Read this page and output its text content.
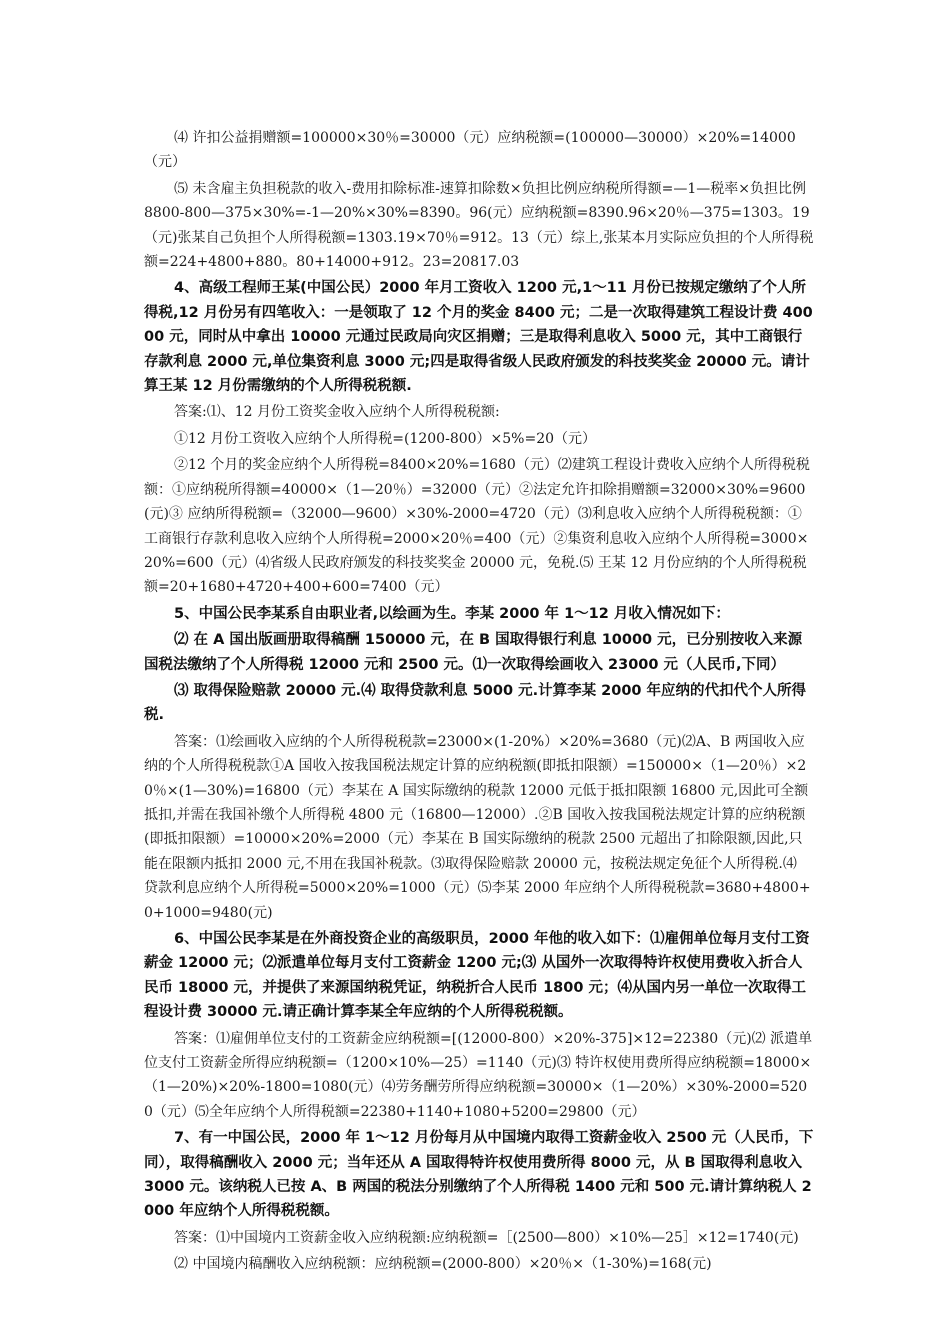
⑷ 许扣公益捐赠额=100000×30％=30000（元）应纳税额=(100000—30000）×20%=14000（元）

⑸ 未含雇主负担税款的收入-费用扣除标准-速算扣除数×负担比例应纳税所得额=—1—税率×负担比例 8800-800—375×30%=-1—20%×30%=8390。96(元）应纳税额=8390.96×20％—375=1303。19（元)张某自己负担个人所得税额=1303.19×70％=912。13（元）综上,张某本月实际应负担的个人所得税额=224+4800+880。80+14000+912。23=20817.03

4、高级工程师王某(中国公民）2000 年月工资收入 1200 元,1～11 月份已按规定缴纳了个人所得税,12 月份另有四笔收入：一是领取了 12 个月的奖金 8400 元；二是一次取得建筑工程设计费 40000 元，同时从中拿出 10000 元通过民政局向灾区捐赠；三是取得利息收入 5000 元，其中工商银行存款利息 2000 元,单位集资利息 3000 元;四是取得省级人民政府颁发的科技奖奖金 20000 元。请计算王某 12 月份需缴纳的个人所得税税额.

答案:⑴、12 月份工资奖金收入应纳个人所得税税额:

①12 月份工资收入应纳个人所得税=(1200-800）×5%=20（元）

②12 个月的奖金应纳个人所得税=8400×20%=1680（元）⑵建筑工程设计费收入应纳个人所得税税额：①应纳税所得额=40000×（1—20％）=32000（元）②法定允许扣除捐赠额=32000×30%=9600(元)③ 应纳所得税额=（32000—9600）×30%-2000=4720（元）⑶利息收入应纳个人所得税税额：①工商银行存款利息收入应纳个人所得税=2000×20％=400（元）②集资利息收入应纳个人所得税=3000×20%=600（元）⑷省级人民政府颁发的科技奖奖金 20000 元，免税.⑸ 王某 12 月份应纳的个人所得税税额=20+1680+4720+400+600=7400（元）

5、中国公民李某系自由职业者,以绘画为生。李某 2000 年 1～12 月收入情况如下：

⑵ 在 A 国出版画册取得稿酬 150000 元，在 B 国取得银行利息 10000 元，已分别按收入来源国税法缴纳了个人所得税 12000 元和 2500 元。⑴一次取得绘画收入 23000 元（人民币,下同）

⑶ 取得保险赔款 20000 元.⑷ 取得贷款利息 5000 元.计算李某 2000 年应纳的代扣代个人所得税.

答案：⑴绘画收入应纳的个人所得税税款=23000×(1-20%）×20%=3680（元)⑵A、B 两国收入应纳的个人所得税税款①A 国收入按我国税法规定计算的应纳税额(即抵扣限额）=150000×（1—20％）×20％×(1—30%)=16800（元）李某在 A 国实际缴纳的税款 12000 元低于抵扣限额 16800 元,因此可全额抵扣,并需在我国补缴个人所得税 4800 元（16800—12000）.②B 国收入按我国税法规定计算的应纳税额(即抵扣限额）=10000×20%=2000（元）李某在 B 国实际缴纳的税款 2500 元超出了扣除限额,因此,只能在限额内抵扣 2000 元,不用在我国补税款。⑶取得保险赔款 20000 元，按税法规定免征个人所得税.⑷ 贷款利息应纳个人所得税=5000×20%=1000（元）⑸李某 2000 年应纳个人所得税税款=3680+4800+0+1000=9480(元)

6、中国公民李某是在外商投资企业的高级职员，2000 年他的收入如下：⑴雇佣单位每月支付工资薪金 12000 元；⑵派遣单位每月支付工资薪金 1200 元;⑶ 从国外一次取得特许权使用费收入折合人民币 18000 元，并提供了来源国纳税凭证，纳税折合人民币 1800 元；⑷从国内另一单位一次取得工程设计费 30000 元.请正确计算李某全年应纳的个人所得税税额。

答案：⑴雇佣单位支付的工资薪金应纳税额=[(12000-800）×20%-375]×12=22380（元)⑵ 派遣单位支付工资薪金所得应纳税额=（1200×10%—25）=1140（元)⑶ 特许权使用费所得应纳税额=18000×（1—20%)×20%-1800=1080(元）⑷劳务酬劳所得应纳税额=30000×（1—20%）×30%-2000=5200（元）⑸全年应纳个人所得税额=22380+1140+1080+5200=29800（元）

7、有一中国公民，2000 年 1～12 月份每月从中国境内取得工资薪金收入 2500 元（人民币，下同），取得稿酬收入 2000 元；当年还从 A 国取得特许权使用费所得 8000 元，从 B 国取得利息收入 3000 元。该纳税人已按 A、B 两国的税法分别缴纳了个人所得税 1400 元和 500 元.请计算纳税人 2000 年应纳个人所得税税额。

答案：⑴中国境内工资薪金收入应纳税额:应纳税额=［(2500—800）×10%—25］×12=1740(元)

⑵ 中国境内稿酬收入应纳税额：应纳税额=(2000-800）×20％×（1-30%)=168(元)
